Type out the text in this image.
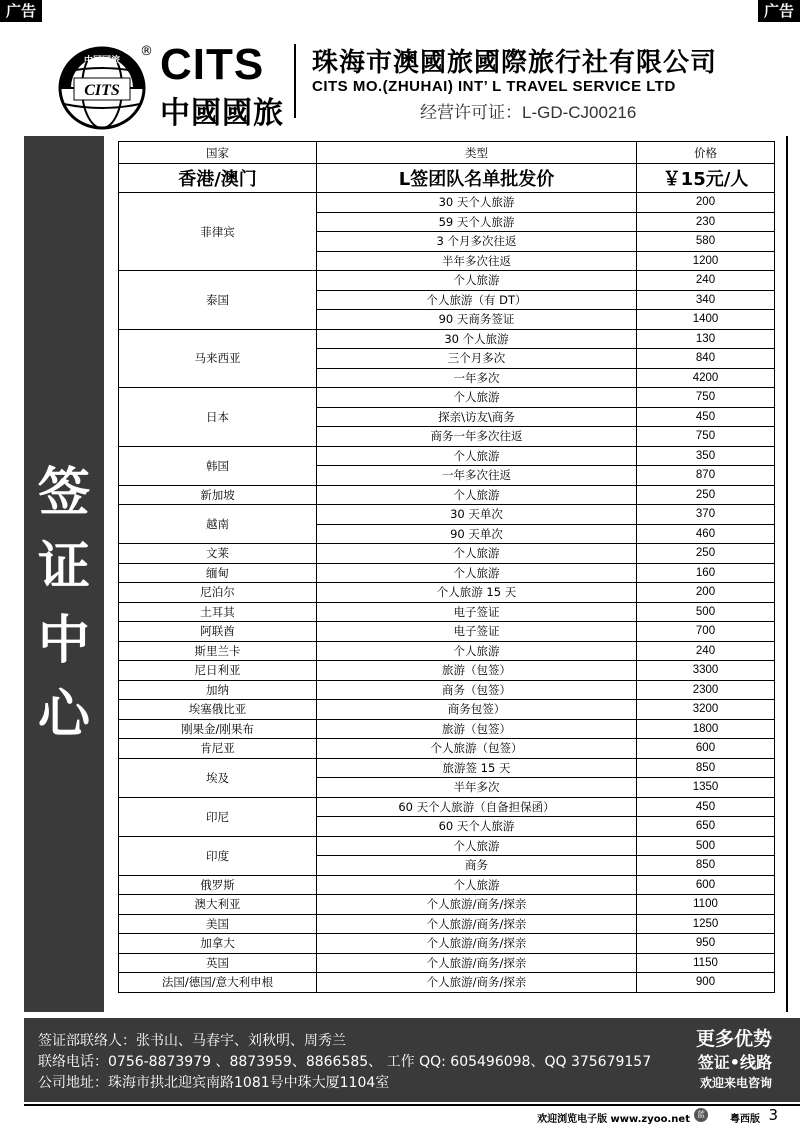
广告	广告
中国国旅
CITS
® CITS
中國國旅
珠海市澳國旅國際旅行社有限公司
CITS MO.(ZHUHAI) INT’ L TRAVEL SERVICE LTD
经营许可证：L-GD-CJ00216
签
证
中
心
国家	类型	价格
香港/澳门	L签团队名单批发价	￥15元/人
菲律宾	30 天个人旅游	200
	59 天个人旅游	230
	3 个月多次往返	580
	半年多次往返	1200
泰国	个人旅游	240
	个人旅游（有 DT）	340
	90 天商务签证	1400
马来西亚	30 个人旅游	130
	三个月多次	840
	一年多次	4200
日本	个人旅游	750
	探亲\访友\商务	450
	商务一年多次往返	750
韩国	个人旅游	350
	一年多次往返	870
新加坡	个人旅游	250
越南	30 天单次	370
	90 天单次	460
文莱	个人旅游	250
缅甸	个人旅游	160
尼泊尔	个人旅游 15 天	200
土耳其	电子签证	500
阿联酋	电子签证	700
斯里兰卡	个人旅游	240
尼日利亚	旅游（包签）	3300
加纳	商务（包签）	2300
埃塞俄比亚	商务包签）	3200
刚果金/刚果布	旅游（包签）	1800
肯尼亚	个人旅游（包签）	600
埃及	旅游签 15 天	850
	半年多次	1350
印尼	60 天个人旅游（自备担保函）	450
	60 天个人旅游	650
印度	个人旅游	500
	商务	850
俄罗斯	个人旅游	600
澳大利亚	个人旅游/商务/探亲	1100
美国	个人旅游/商务/探亲	1250
加拿大	个人旅游/商务/探亲	950
英国	个人旅游/商务/探亲	1150
法国/德国/意大利申根	个人旅游/商务/探亲	900
签证部联络人：张书山、马春宇、刘秋明、周秀兰
联络电话：0756-8873979 、8873959、8866585、 工作 QQ: 605496098、QQ 375679157
公司地址：珠海市拱北迎宾南路1081号中珠大厦1104室
更多优势
签证•线路
欢迎来电咨询
欢迎浏览电子版 www.zyoo.net 蓝	粤西版 3
